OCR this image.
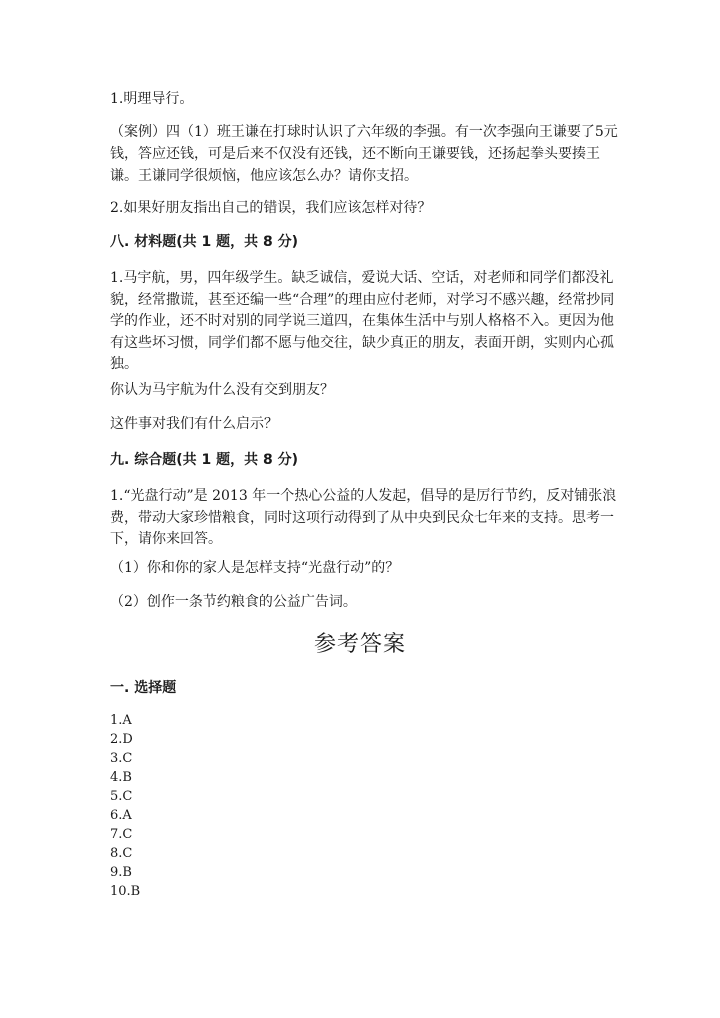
1.明理导行。

（案例）四（1）班王谦在打球时认识了六年级的李强。有一次李强向王谦要了5元钱，答应还钱，可是后来不仅没有还钱，还不断向王谦要钱，还扬起拳头要揍王谦。王谦同学很烦恼，他应该怎么办？请你支招。

2.如果好朋友指出自己的错误，我们应该怎样对待？

八. 材料题(共 1 题，共 8 分)

1.马宇航，男，四年级学生。缺乏诚信，爱说大话、空话，对老师和同学们都没礼貌，经常撒谎，甚至还编一些“合理”的理由应付老师，对学习不感兴趣，经常抄同学的作业，还不时对别的同学说三道四，在集体生活中与别人格格不入。更因为他有这些坏习惯，同学们都不愿与他交往，缺少真正的朋友，表面开朗，实则内心孤独。

你认为马宇航为什么没有交到朋友？

这件事对我们有什么启示？

九. 综合题(共 1 题，共 8 分)

1.“光盘行动”是 2013 年一个热心公益的人发起，倡导的是厉行节约，反对铺张浪费，带动大家珍惜粮食，同时这项行动得到了从中央到民众七年来的支持。思考一下，请你来回答。

（1）你和你的家人是怎样支持“光盘行动”的？

（2）创作一条节约粮食的公益广告词。

参考答案
一. 选择题
1.A
2.D
3.C
4.B
5.C
6.A
7.C
8.C
9.B
10.B
